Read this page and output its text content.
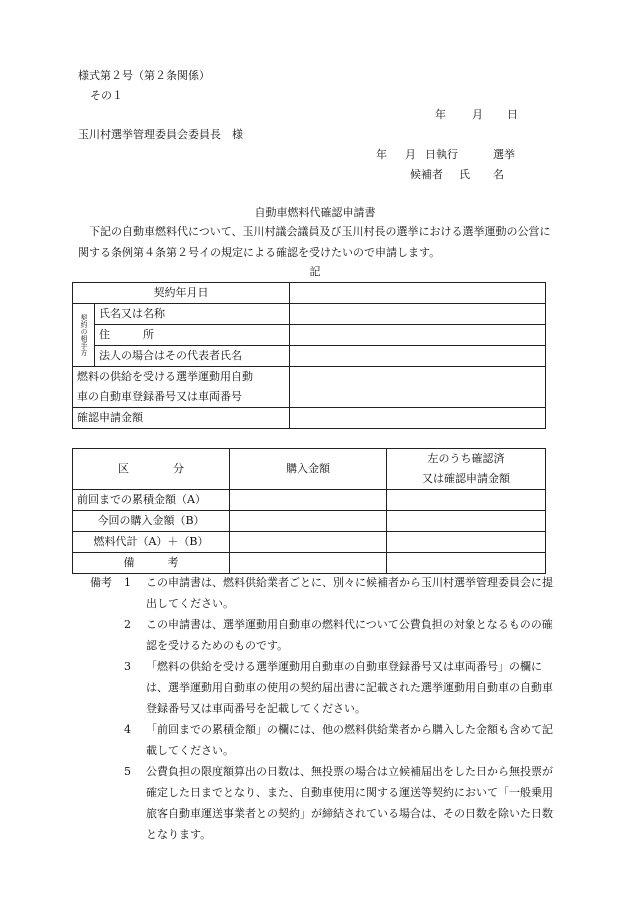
様式第２号（第２条関係）
その１
年 月 日
玉川村選挙管理委員会委員長　様
年 月 日執行	選挙
候補者 氏 名
自動車燃料代確認申請書
下記の自動車燃料代について、玉川村議会議員及び玉川村長の選挙における選挙運動の公営に関する条例第４条第２号イの規定による確認を受けたいので申請します。
記
契約年月日		
契約の相手方	氏名又は名称	
	住　　　所	
	法人の場合はその代表者氏名	

燃料の供給を受ける選挙運動用自動
車の自動車登録番号又は車両番号		

確認申請金額		
区　　　　分	購入金額	左のうち確認済
又は確認申請金額

前回までの累積金額（A）		
今回の購入金額（B）		
燃料代計（A）＋（B）		
備　　　考		
備考	1	この申請書は、燃料供給業者ごとに、別々に候補者から玉川村選挙管理委員会に提出してください。
2	この申請書は、選挙運動用自動車の燃料代について公費負担の対象となるものの確認を受けるためのものです。
3	「燃料の供給を受ける選挙運動用自動車の自動車登録番号又は車両番号」の欄には、選挙運動用自動車の使用の契約届出書に記載された選挙運動用自動車の自動車登録番号又は車両番号を記載してください。
4	「前回までの累積金額」の欄には、他の燃料供給業者から購入した金額も含めて記載してください。
5	公費負担の限度額算出の日数は、無投票の場合は立候補届出をした日から無投票が確定した日までとなり、また、自動車使用に関する運送等契約において「一般乗用旅客自動車運送事業者との契約」が締結されている場合は、その日数を除いた日数となります。
